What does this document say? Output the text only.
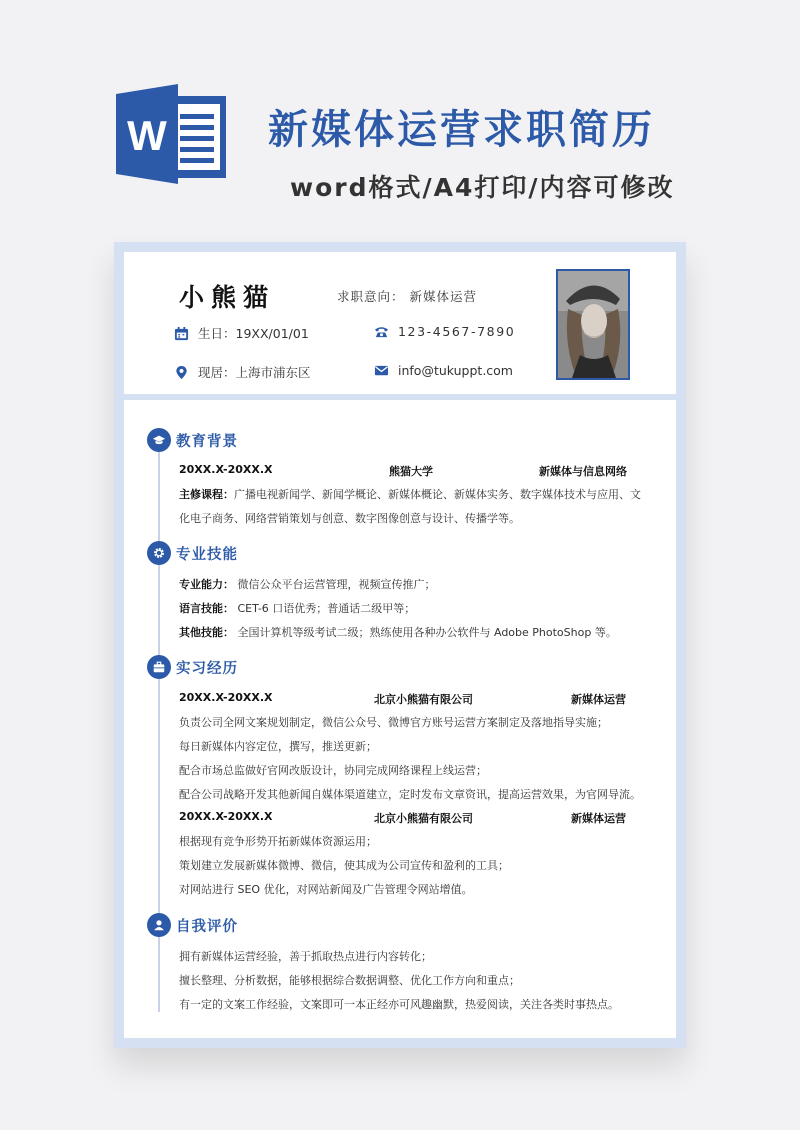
W	新媒体运营求职简历
word格式/A4打印/内容可修改
小熊猫	求职意向： 新媒体运营
生日：19XX/01/01	123-4567-7890
现居：上海市浦东区	info@tukuppt.com
教育背景
20XX.X-20XX.X	熊猫大学	新媒体与信息网络
主修课程：广播电视新闻学、新闻学概论、新媒体概论、新媒体实务、数字媒体技术与应用、文
化电子商务、网络营销策划与创意、数字图像创意与设计、传播学等。
专业技能
专业能力： 微信公众平台运营管理，视频宣传推广；
语言技能： CET-6 口语优秀；普通话二级甲等；
其他技能： 全国计算机等级考试二级；熟练使用各种办公软件与 Adobe PhotoShop 等。
实习经历
20XX.X-20XX.X	北京小熊猫有限公司	新媒体运营
负责公司全网文案规划制定，微信公众号、微博官方账号运营方案制定及落地指导实施；
每日新媒体内容定位，撰写，推送更新；
配合市场总监做好官网改版设计，协同完成网络课程上线运营；
配合公司战略开发其他新闻自媒体渠道建立，定时发布文章资讯，提高运营效果，为官网导流。
20XX.X-20XX.X	北京小熊猫有限公司	新媒体运营
根据现有竞争形势开拓新媒体资源运用；
策划建立发展新媒体微博、微信，使其成为公司宣传和盈利的工具；
对网站进行 SEO 优化，对网站新闻及广告管理令网站增值。
自我评价
拥有新媒体运营经验，善于抓取热点进行内容转化；
擅长整理、分析数据，能够根据综合数据调整、优化工作方向和重点；
有一定的文案工作经验，文案即可一本正经亦可风趣幽默，热爱阅读，关注各类时事热点。
